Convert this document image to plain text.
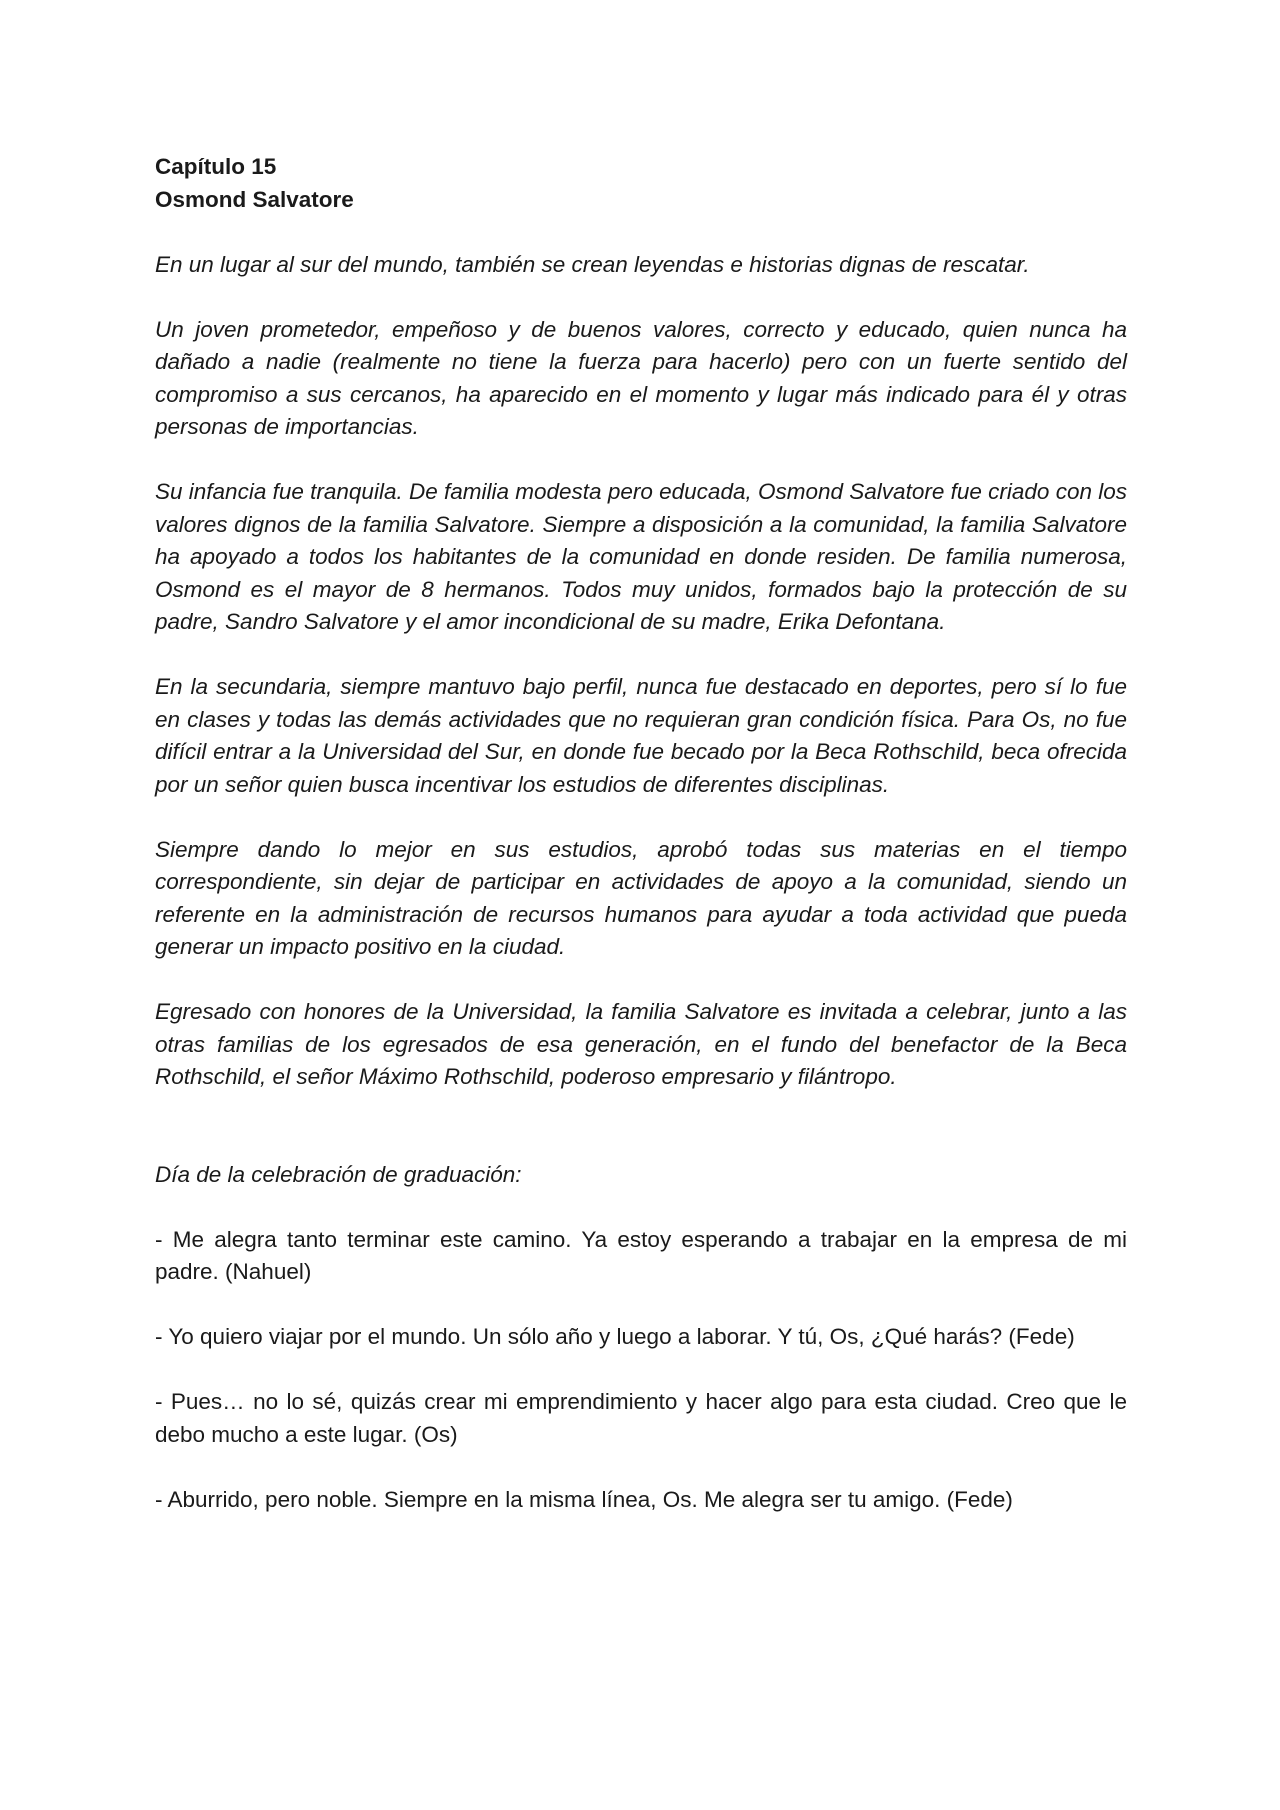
Capítulo 15
Osmond Salvatore

En un lugar al sur del mundo, también se crean leyendas e historias dignas de rescatar.

Un joven prometedor, empeñoso y de buenos valores, correcto y educado, quien nunca ha dañado a nadie (realmente no tiene la fuerza para hacerlo) pero con un fuerte sentido del compromiso a sus cercanos, ha aparecido en el momento y lugar más indicado para él y otras personas de importancias.

Su infancia fue tranquila. De familia modesta pero educada, Osmond Salvatore fue criado con los valores dignos de la familia Salvatore. Siempre a disposición a la comunidad, la familia Salvatore ha apoyado a todos los habitantes de la comunidad en donde residen. De familia numerosa, Osmond es el mayor de 8 hermanos. Todos muy unidos, formados bajo la protección de su padre, Sandro Salvatore y el amor incondicional de su madre, Erika Defontana.

En la secundaria, siempre mantuvo bajo perfil, nunca fue destacado en deportes, pero sí lo fue en clases y todas las demás actividades que no requieran gran condición física. Para Os, no fue difícil entrar a la Universidad del Sur, en donde fue becado por la Beca Rothschild, beca ofrecida por un señor quien busca incentivar los estudios de diferentes disciplinas.

Siempre dando lo mejor en sus estudios, aprobó todas sus materias en el tiempo correspondiente, sin dejar de participar en actividades de apoyo a la comunidad, siendo un referente en la administración de recursos humanos para ayudar a toda actividad que pueda generar un impacto positivo en la ciudad.

Egresado con honores de la Universidad, la familia Salvatore es invitada a celebrar, junto a las otras familias de los egresados de esa generación, en el fundo del benefactor de la Beca Rothschild, el señor Máximo Rothschild, poderoso empresario y filántropo.

Día de la celebración de graduación:

- Me alegra tanto terminar este camino. Ya estoy esperando a trabajar en la empresa de mi padre. (Nahuel)

- Yo quiero viajar por el mundo. Un sólo año y luego a laborar. Y tú, Os, ¿Qué harás? (Fede)

- Pues… no lo sé, quizás crear mi emprendimiento y hacer algo para esta ciudad. Creo que le debo mucho a este lugar. (Os)

- Aburrido, pero noble. Siempre en la misma línea, Os. Me alegra ser tu amigo. (Fede)
